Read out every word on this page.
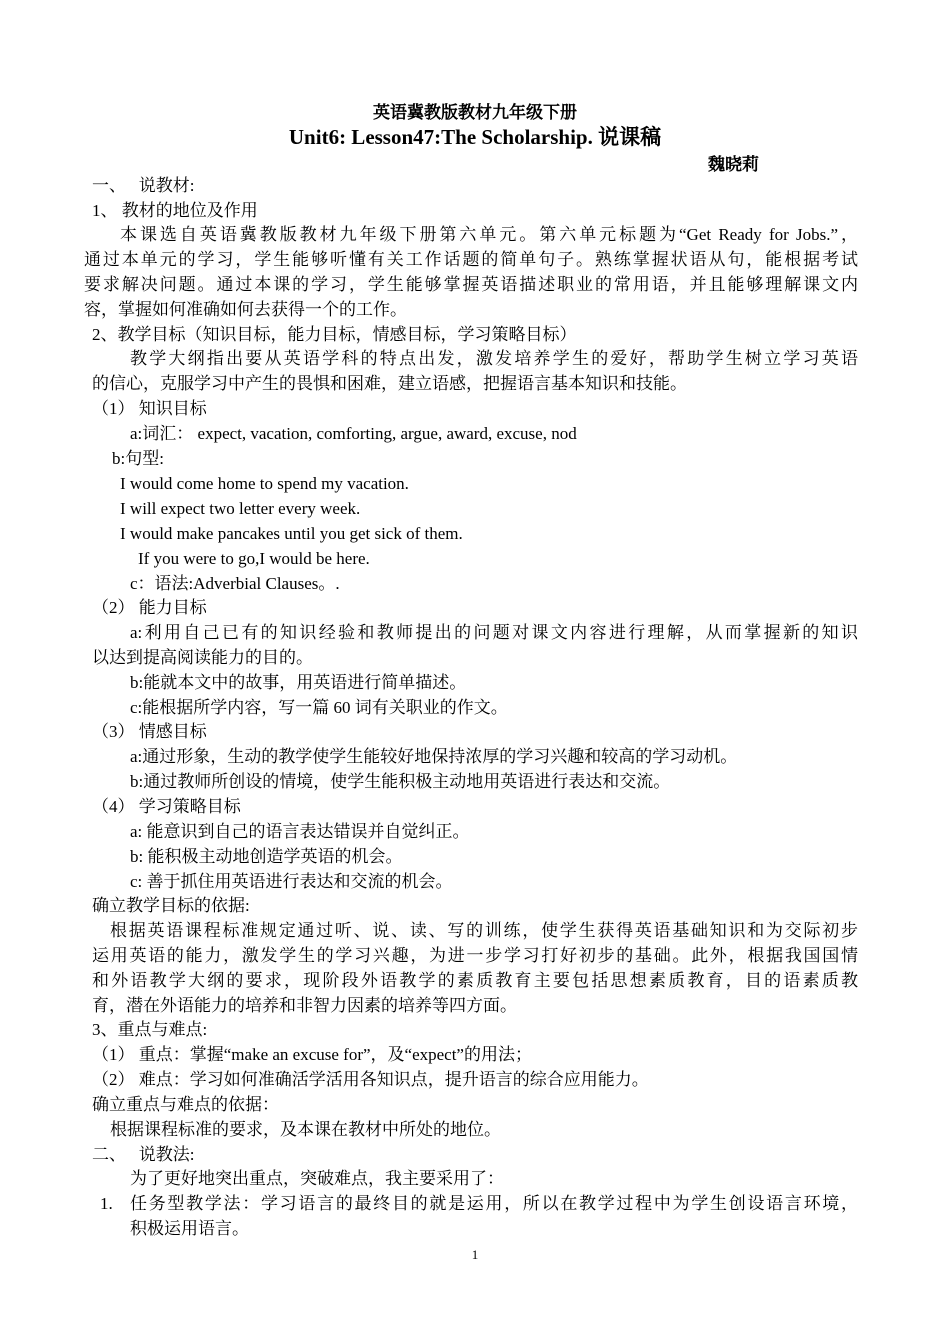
英语冀教版教材九年级下册
Unit6: Lesson47:The Scholarship. 说课稿
魏晓莉
一、　 说教材:
1、 教材的地位及作用
本课选自英语冀教版教材九年级下册第六单元。第六单元标题为“Get Ready for Jobs.”，
通过本单元的学习，学生能够听懂有关工作话题的简单句子。熟练掌握状语从句，能根据考试
要求解决问题。通过本课的学习，学生能够掌握英语描述职业的常用语，并且能够理解课文内
容，掌握如何准确如何去获得一个的工作。
2、教学目标（知识目标，能力目标，情感目标，学习策略目标）
教学大纲指出要从英语学科的特点出发，激发培养学生的爱好，帮助学生树立学习英语
的信心，克服学习中产生的畏惧和困难，建立语感，把握语言基本知识和技能。
（1） 知识目标
a:词汇： expect, vacation, comforting, argue, award, excuse, nod
b:句型:
I would come home to spend my vacation.
I will expect two letter every week.
I would make pancakes until you get sick of them.
If you were to go,I would be here.
c：语法:Adverbial Clauses。.
（2） 能力目标
a:利用自己已有的知识经验和教师提出的问题对课文内容进行理解，从而掌握新的知识
以达到提高阅读能力的目的。
b:能就本文中的故事，用英语进行简单描述。
c:能根据所学内容，写一篇 60 词有关职业的作文。
（3） 情感目标
a:通过形象，生动的教学使学生能较好地保持浓厚的学习兴趣和较高的学习动机。
b:通过教师所创设的情境，使学生能积极主动地用英语进行表达和交流。
（4） 学习策略目标
a: 能意识到自己的语言表达错误并自觉纠正。
b: 能积极主动地创造学英语的机会。
c: 善于抓住用英语进行表达和交流的机会。
确立教学目标的依据:
根据英语课程标准规定通过听、说、读、写的训练，使学生获得英语基础知识和为交际初步
运用英语的能力，激发学生的学习兴趣，为进一步学习打好初步的基础。此外，根据我国国情
和外语教学大纲的要求，现阶段外语教学的素质教育主要包括思想素质教育，目的语素质教
育，潜在外语能力的培养和非智力因素的培养等四方面。
3、重点与难点:
（1） 重点：掌握“make an excuse for”，及“expect”的用法；
（2） 难点：学习如何准确活学活用各知识点，提升语言的综合应用能力。
确立重点与难点的依据：
根据课程标准的要求，及本课在教材中所处的地位。
二、　 说教法:
为了更好地突出重点，突破难点，我主要采用了：
1. 任务型教学法：学习语言的最终目的就是运用，所以在教学过程中为学生创设语言环境，
积极运用语言。
1
